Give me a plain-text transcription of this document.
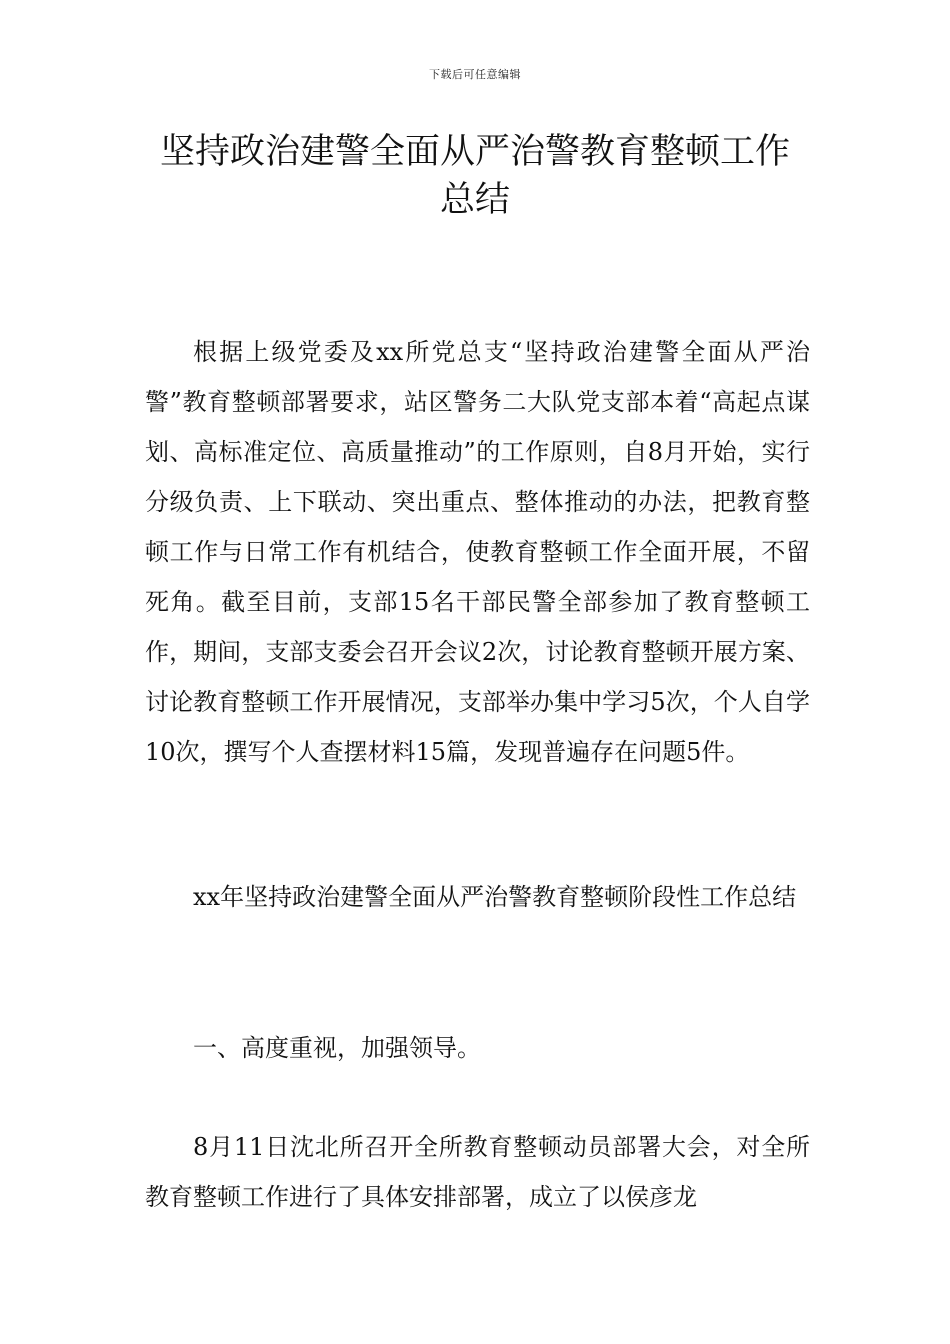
下载后可任意编辑
坚持政治建警全面从严治警教育整顿工作
总结

根据上级党委及xx所党总支“坚持政治建警全面从严治警”教育整顿部署要求，站区警务二大队党支部本着“高起点谋划、高标准定位、高质量推动”的工作原则，自8月开始，实行分级负责、上下联动、突出重点、整体推动的办法，把教育整顿工作与日常工作有机结合，使教育整顿工作全面开展，不留死角。截至目前，支部15名干部民警全部参加了教育整顿工作，期间，支部支委会召开会议2次，讨论教育整顿开展方案、讨论教育整顿工作开展情况，支部举办集中学习5次，个人自学10次，撰写个人查摆材料15篇，发现普遍存在问题5件。

xx年坚持政治建警全面从严治警教育整顿阶段性工作总结

一、高度重视，加强领导。

8月11日沈北所召开全所教育整顿动员部署大会，对全所教育整顿工作进行了具体安排部署，成立了以侯彦龙
